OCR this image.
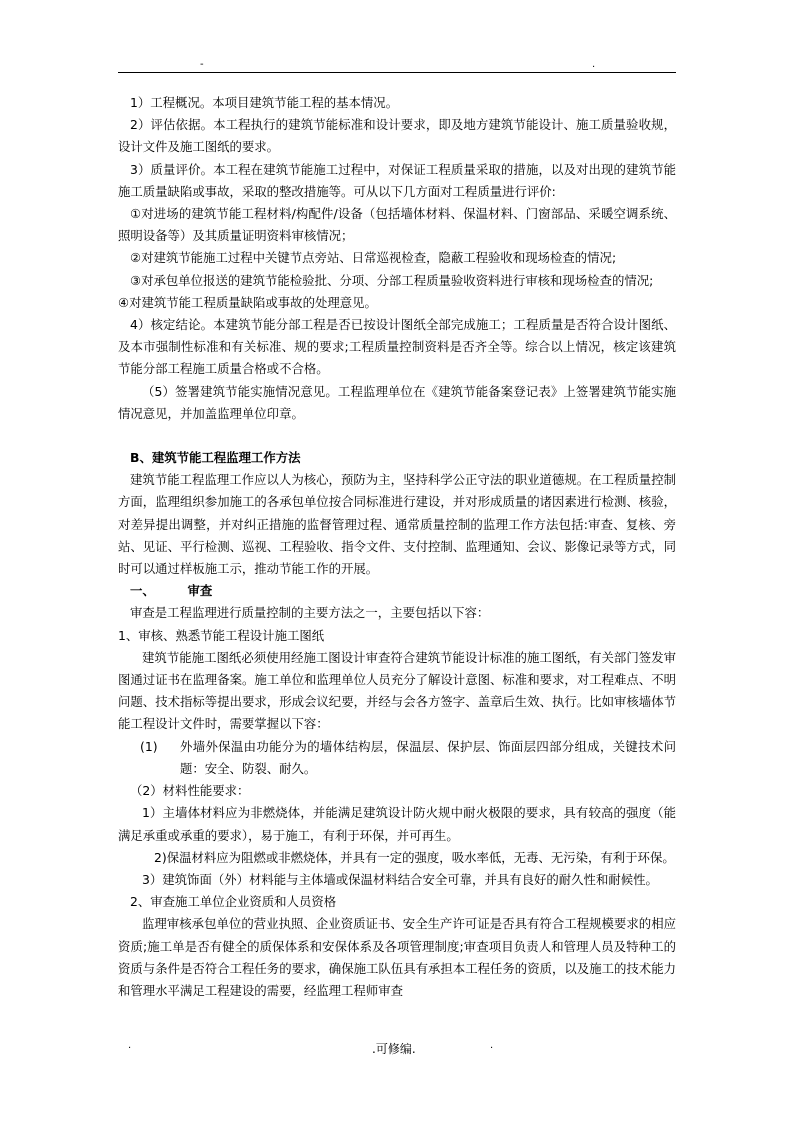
-	.

1）工程概况。本项目建筑节能工程的基本情况。

2）评估依据。本工程执行的建筑节能标准和设计要求，即及地方建筑节能设计、施工质量验收规，设计文件及施工图纸的要求。

3）质量评价。本工程在建筑节能施工过程中，对保证工程质量采取的措施，以及对出现的建筑节能施工质量缺陷或事故，采取的整改措施等。可从以下几方面对工程质量进行评价:

①对进场的建筑节能工程材料/构配件/设备（包括墙体材料、保温材料、门窗部品、采暖空调系统、照明设备等）及其质量证明资料审核情况；

②对建筑节能施工过程中关键节点旁站、日常巡视检查，隐蔽工程验收和现场检查的情况;

③对承包单位报送的建筑节能检验批、分项、分部工程质量验收资料进行审核和现场检查的情况;

④对建筑节能工程质量缺陷或事故的处理意见。

4）核定结论。本建筑节能分部工程是否已按设计图纸全部完成施工；工程质量是否符合设计图纸、及本市强制性标准和有关标准、规的要求;工程质量控制资料是否齐全等。综合以上情况，核定该建筑节能分部工程施工质量合格或不合格。

（5）签署建筑节能实施情况意见。工程监理单位在《建筑节能备案登记表》上签署建筑节能实施情况意见，并加盖监理单位印章。

B、建筑节能工程监理工作方法

建筑节能工程监理工作应以人为核心，预防为主，坚持科学公正守法的职业道德规。在工程质量控制方面，监理组织参加施工的各承包单位按合同标准进行建设，并对形成质量的诸因素进行检测、核验，对差异提出调整，并对纠正措施的监督管理过程、通常质量控制的监理工作方法包括:审查、复核、旁站、见证、平行检测、巡视、工程验收、指令文件、支付控制、监理通知、会议、影像记录等方式，同时可以通过样板施工示，推动节能工作的开展。

一、	审查

审查是工程监理进行质量控制的主要方法之一，主要包括以下容：

1、审核、熟悉节能工程设计施工图纸

建筑节能施工图纸必须使用经施工图设计审查符合建筑节能设计标准的施工图纸，有关部门签发审图通过证书在监理备案。施工单位和监理单位人员充分了解设计意图、标准和要求，对工程难点、不明问题、技术指标等提出要求，形成会议纪要，并经与会各方签字、盖章后生效、执行。比如审核墙体节能工程设计文件时，需要掌握以下容：

(1)	外墙外保温由功能分为的墙体结构层，保温层、保护层、饰面层四部分组成，关键技术问题：安全、防裂、耐久。

（2）材料性能要求：

1）主墙体材料应为非燃烧体，并能满足建筑设计防火规中耐火极限的要求，具有较高的强度（能满足承重或承重的要求），易于施工，有利于环保，并可再生。

2)保温材料应为阻燃或非燃烧体，并具有一定的强度，吸水率低，无毒、无污染，有利于环保。

3）建筑饰面（外）材料能与主体墙或保温材料结合安全可靠，并具有良好的耐久性和耐候性。

2、审查施工单位企业资质和人员资格

监理审核承包单位的营业执照、企业资质证书、安全生产许可证是否具有符合工程规模要求的相应资质;施工单是否有健全的质保体系和安保体系及各项管理制度;审查项目负责人和管理人员及特种工的资质与条件是否符合工程任务的要求，确保施工队伍具有承担本工程任务的资质，以及施工的技术能力和管理水平满足工程建设的需要，经监理工程师审查

.	.可修编.	.
